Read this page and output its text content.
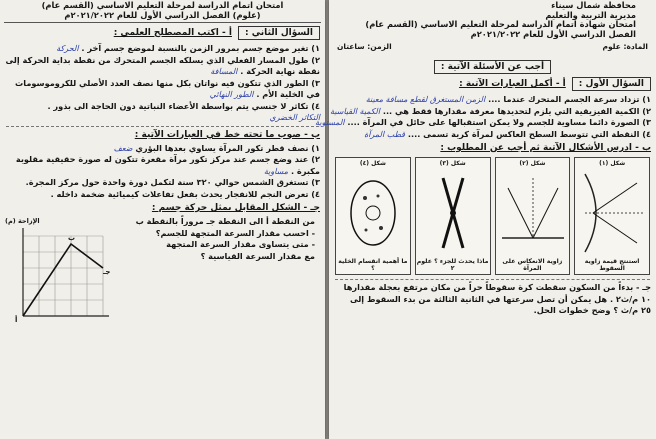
امتحان اتمام الدراسة لمرحلة التعليم الاساسي (القسم عام)
(علوم) الفصل الدراسي الأول للعام ٢٠٢١/٢٠٢٢م
السؤال الثاني :
أ - اكتب المصطلح العلمي :
١) تغير موضع جسم بمرور الزمن بالنسبة لموضع جسم آخر . الحركة
٢) طول المسار الفعلي الذي يسلكه الجسم المتحرك من نقطة بداية الحركة إلى
نقطة نهاية الحركة . المسافة
٣) الطور الذي تتكون فيه نواتان بكل منها نصف العدد الأصلي للكروموسومات
في الخلية الأم . الطور النهائي
٤) تكاثر لا جنسي يتم بواسطة الأعضاء النباتية دون الحاجة الى بذور .
التكاثر الخضري
ب - صوب ما تحته خط في العبارات الآتية :
١) نصف قطر تكور المرآة يساوي بعدها البؤري ضعف
٢) عند وضع جسم عند مركز تكور مرآة مقعرة تتكون له صورة حقيقية مقلوبة
مكبرة . مساوية
٣) تستغرق الشمس حوالي ٣٢٠ سنة لتكمل دورة واحدة حول مركز المجرة.
٤) تعرض النجم للانفجار يحدث بفعل تفاعلات كيميائية ضخمة داخله .
جـ - الشكل المقابل يمثل حركة جسم :
من النقطة أ الى النقطة جـ مروراً بالنقطة ب
- احسب مقدار السرعة المتجهة للجسم؟
- متى يتساوى مقدار السرعة المتجهة
مع مقدار السرعة القياسية ؟
الإزاحة (م)
أ
ب
جـ
محافظة شمال سيناء
مديرية التربية والتعليم
امتحان شهادة اتمام الدراسة لمرحلة التعليم الاساسي (القسم عام)
الفصل الدراسي الأول للعام ٢٠٢١/٢٠٢٢م
المادة: علوم
الزمن: ساعتان
أجب عن الأسئلة الآتية :
السؤال الأول :
أ - أكمل العبارات الآتية :
١) تزداد سرعة الجسم المتحرك عندما .... الزمن المستغرق لقطع مسافة معينة
٢) الكمية الفيزيقية التي يلزم لتحديدها معرفة مقدارها فقط هي ... الكمية القياسية
٣) الصورة دائما مساوية للجسم ولا يمكن استقبالها على حائل في المرآة .... المستوية
٤) النقطة التي تتوسط السطح العاكس لمرآة كرية تسمى .... قطب المرآة
ب - ادرس الأشكال الآتية ثم أجب عن المطلوب :
شكل (١)
استنتج قيمة زاوية السقوط
شكل (٢)
زاوية الانعكاس على المرآة
شكل (٣)
ماذا يحدث للجزء ؟ علوم ٢
شكل (٤)
ما أهمية انقسام الخلية ؟
جـ - بدءاً من السكون سقطت كرة سقوطاً حراً من مكان مرتفع بعجلة مقدارها
١٠ م/ث٢ . هل يمكن أن تصل سرعتها في الثانية الثالثة من بدء السقوط إلى
٢٥ م/ث ؟ وضح خطوات الحل.
